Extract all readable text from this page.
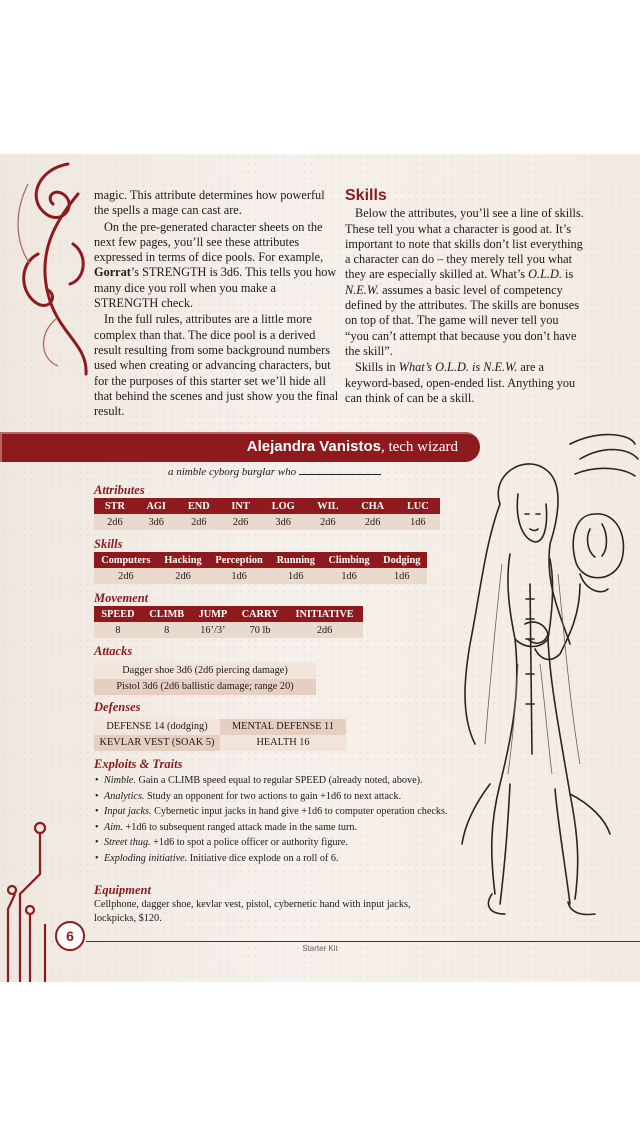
magic. This attribute determines how powerful the spells a mage can cast are.

On the pre-generated character sheets on the next few pages, you’ll see these attributes expressed in terms of dice pools. For example, Gorrat’s STRENGTH is 3d6. This tells you how many dice you roll when you make a STRENGTH check.

In the full rules, attributes are a little more complex than that. The dice pool is a derived result resulting from some background numbers used when creating or advancing characters, but for the purposes of this starter set we’ll hide all that behind the scenes and just show you the final result.

Skills

Below the attributes, you’ll see a line of skills. These tell you what a character is good at. It’s important to note that skills don’t list everything a character can do – they merely tell you what they are especially skilled at. What’s O.L.D. is N.E.W. assumes a basic level of competency defined by the attributes. The skills are bonuses on top of that. The game will never tell you “you can’t attempt that because you don’t have the skill”.

Skills in What’s O.L.D. is N.E.W. are a keyword-based, open-ended list. Anything you can think of can be a skill.

Alejandra Vanistos, tech wizard
a nimble cyborg burglar who
Attributes
STR	AGI	END	INT	LOG	WIL	CHA	LUC
2d6	3d6	2d6	2d6	3d6	2d6	2d6	1d6
Skills
Computers	Hacking	Perception	Running	Climbing	Dodging
2d6	2d6	1d6	1d6	1d6	1d6
Movement
SPEED	CLIMB	JUMP	CARRY	INITIATIVE
8	8	16’/3’	70 lb	2d6
Attacks
Dagger shoe 3d6 (2d6 piercing damage)
Pistol 3d6 (2d6 ballistic damage; range 20)
Defenses
DEFENSE 14 (dodging)	MENTAL DEFENSE 11
KEVLAR VEST (SOAK 5)	HEALTH 16
Exploits & Traits
• Nimble. Gain a CLIMB speed equal to regular SPEED (already noted, above).
• Analytics. Study an opponent for two actions to gain +1d6 to next attack.
• Input jacks. Cybernetic input jacks in hand give +1d6 to computer operation checks.
• Aim. +1d6 to subsequent ranged attack made in the same turn.
• Street thug. +1d6 to spot a police officer or authority figure.
• Exploding initiative. Initiative dice explode on a roll of 6.
Equipment
Cellphone, dagger shoe, kevlar vest, pistol, cybernetic hand with input jacks, lockpicks, $120.
6
Starter Kit
